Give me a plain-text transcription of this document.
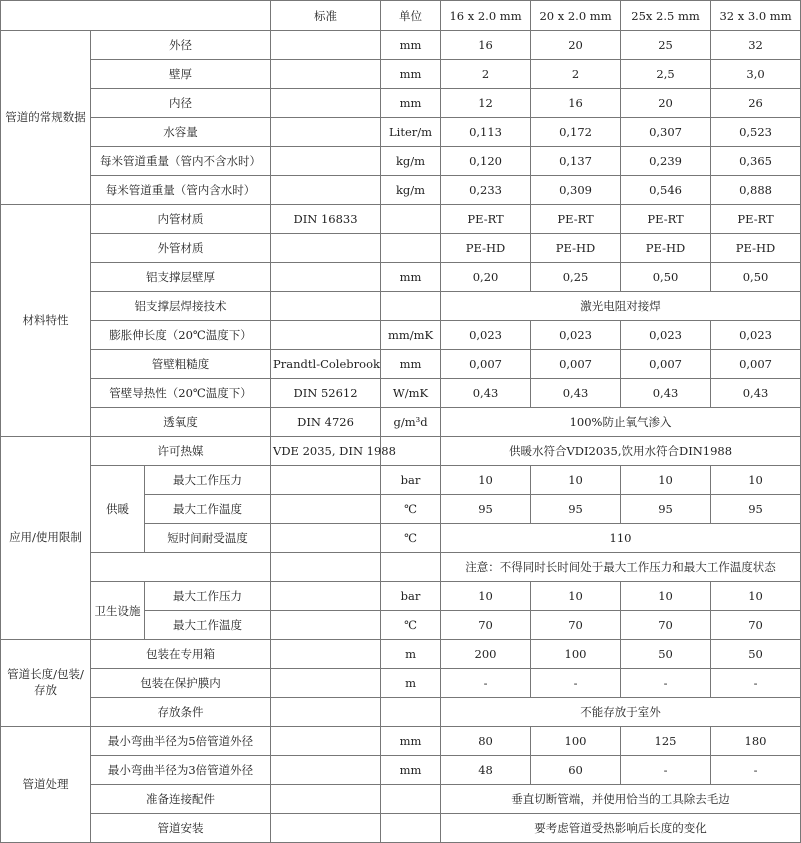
			标准	单位	16 x 2.0 mm	20 x 2.0 mm	25x 2.5 mm	32 x 3.0 mm
管道的常规数据	外径			mm	16	20	25	32
	壁厚			mm	2	2	2,5	3,0
	内径			mm	12	16	20	26
	水容量			Liter/m	0,113	0,172	0,307	0,523
	每米管道重量（管内不含水时）			kg/m	0,120	0,137	0,239	0,365
	每米管道重量（管内含水时）			kg/m	0,233	0,309	0,546	0,888
材料特性	内管材质		DIN 16833		PE-RT	PE-RT	PE-RT	PE-RT
	外管材质				PE-HD	PE-HD	PE-HD	PE-HD
	铝支撑层壁厚			mm	0,20	0,25	0,50	0,50
	铝支撑层焊接技术				激光电阻对接焊			
	膨胀伸长度（20℃温度下）			mm/mK	0,023	0,023	0,023	0,023
	管壁粗糙度		Prandtl-Colebrook	mm	0,007	0,007	0,007	0,007
	管壁导热性（20℃温度下）		DIN 52612	W/mK	0,43	0,43	0,43	0,43
	透氧度		DIN 4726	g/m³d	100%防止氧气渗入			
应用/使用限制	许可热媒		VDE 2035, DIN 1988		供暖水符合VDI2035,饮用水符合DIN1988			
	供暖	最大工作压力		bar	10	10	10	10
		最大工作温度		℃	95	95	95	95
		短时间耐受温度		℃	110			
					注意：不得同时长时间处于最大工作压力和最大工作温度状态			
	卫生设施	最大工作压力		bar	10	10	10	10
		最大工作温度		℃	70	70	70	70
管道长度/包装/存放	包装在专用箱			m	200	100	50	50
	包装在保护膜内			m	-	-	-	-
	存放条件				不能存放于室外			
管道处理	最小弯曲半径为5倍管道外径			mm	80	100	125	180
	最小弯曲半径为3倍管道外径			mm	48	60	-	-
	准备连接配件				垂直切断管端，并使用恰当的工具除去毛边			
	管道安装				要考虑管道受热影响后长度的变化			
